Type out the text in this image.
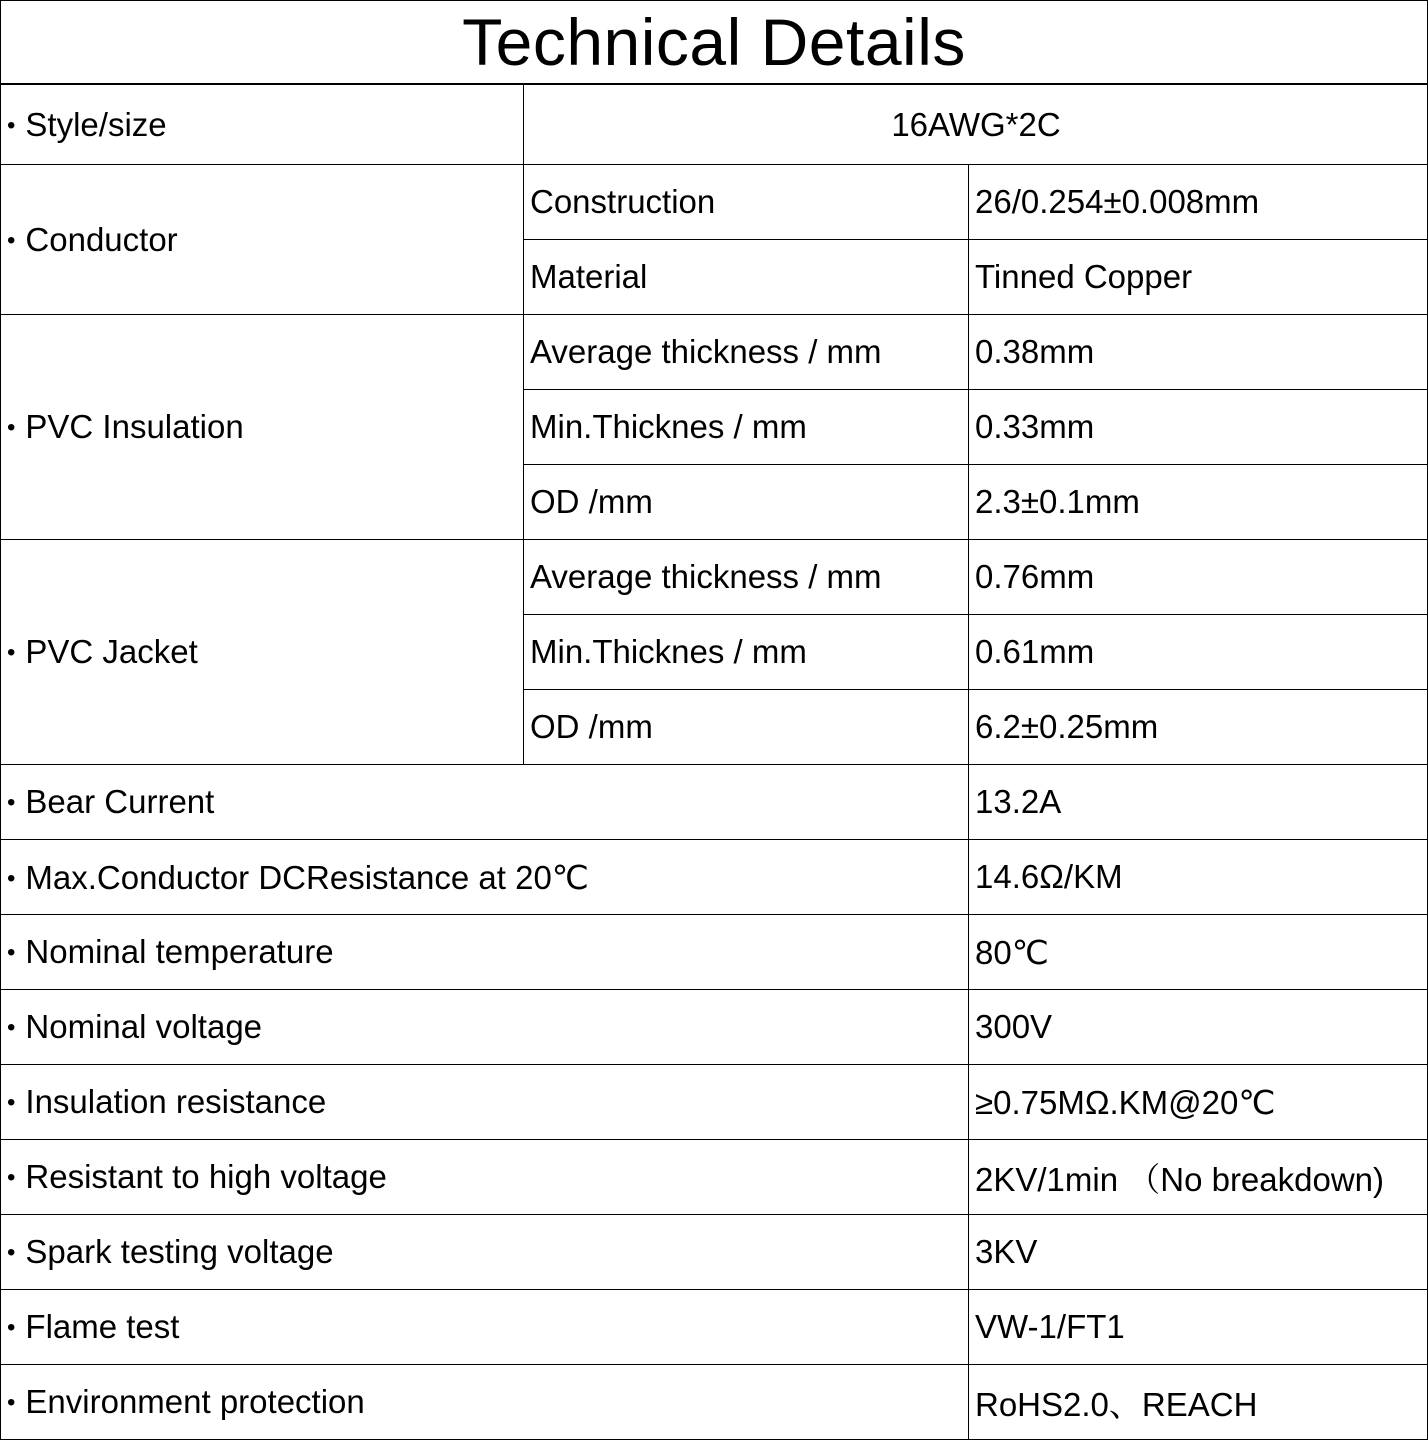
Technical Details
• Style/size	16AWG*2C	
• Conductor	Construction	26/0.254±0.008mm
	Material	Tinned Copper
• PVC Insulation	Average thickness / mm	0.38mm
	Min.Thicknes / mm	0.33mm
	OD /mm	2.3±0.1mm
• PVC Jacket	Average thickness / mm	0.76mm
	Min.Thicknes / mm	0.61mm
	OD /mm	6.2±0.25mm
• Bear Current		13.2A
• Max.Conductor DCResistance at 20℃		14.6Ω/KM
• Nominal temperature		80℃
• Nominal voltage		300V
• Insulation resistance		≥0.75MΩ.KM@20℃
• Resistant to high voltage		2KV/1min （No breakdown)
• Spark testing voltage		3KV
• Flame test		VW-1/FT1
• Environment protection		RoHS2.0、REACH
